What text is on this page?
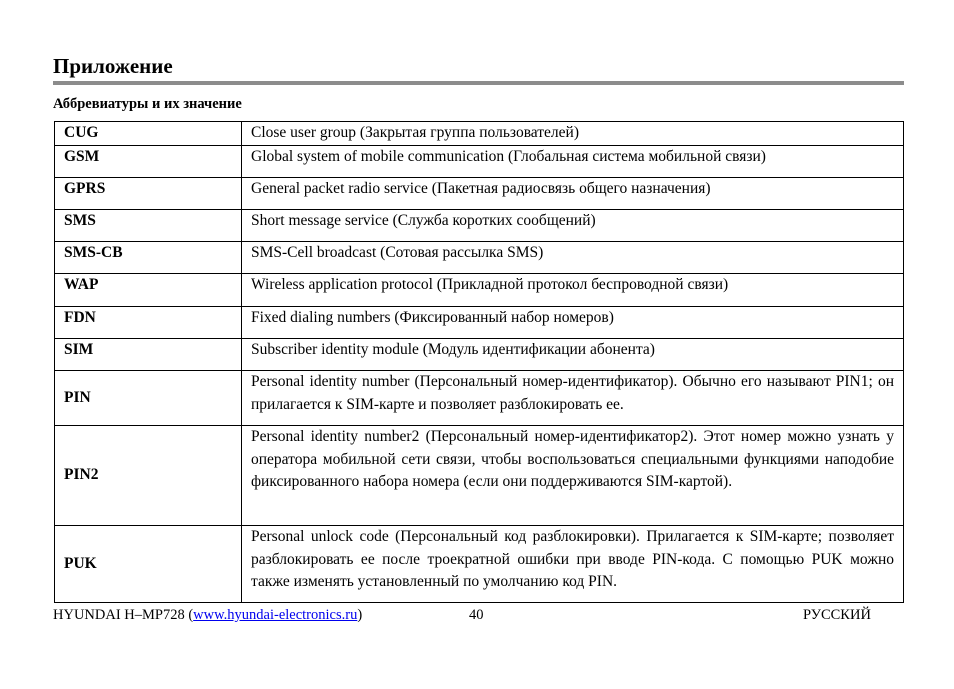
Приложение
Аббревиатуры и их значение
CUG	Close user group (Закрытая группа пользователей)
GSM	Global system of mobile communication (Глобальная система мобильной связи)
GPRS	General packet radio service (Пакетная радиосвязь общего назначения)
SMS	Short message service (Служба коротких сообщений)
SMS-CB	SMS-Cell broadcast (Сотовая рассылка SMS)
WAP	Wireless application protocol (Прикладной протокол беспроводной связи)
FDN	Fixed dialing numbers (Фиксированный набор номеров)
SIM	Subscriber identity module (Модуль идентификации абонента)
PIN	Personal identity number (Персональный номер-идентификатор). Обычно его называют PIN1; он прилагается к SIM-карте и позволяет разблокировать ее.
PIN2	Personal identity number2 (Персональный номер-идентификатор2). Этот номер можно узнать у оператора мобильной сети связи, чтобы воспользоваться специальными функциями наподобие фиксированного набора номера (если они поддерживаются SIM-картой).
PUK	Personal unlock code (Персональный код разблокировки). Прилагается к SIM-карте; позволяет разблокировать ее после троекратной ошибки при вводе PIN-кода. С помощью PUK можно также изменять установленный по умолчанию код PIN.
HYUNDAI H–MP728 (www.hyundai-electronics.ru)	40	РУССКИЙ
